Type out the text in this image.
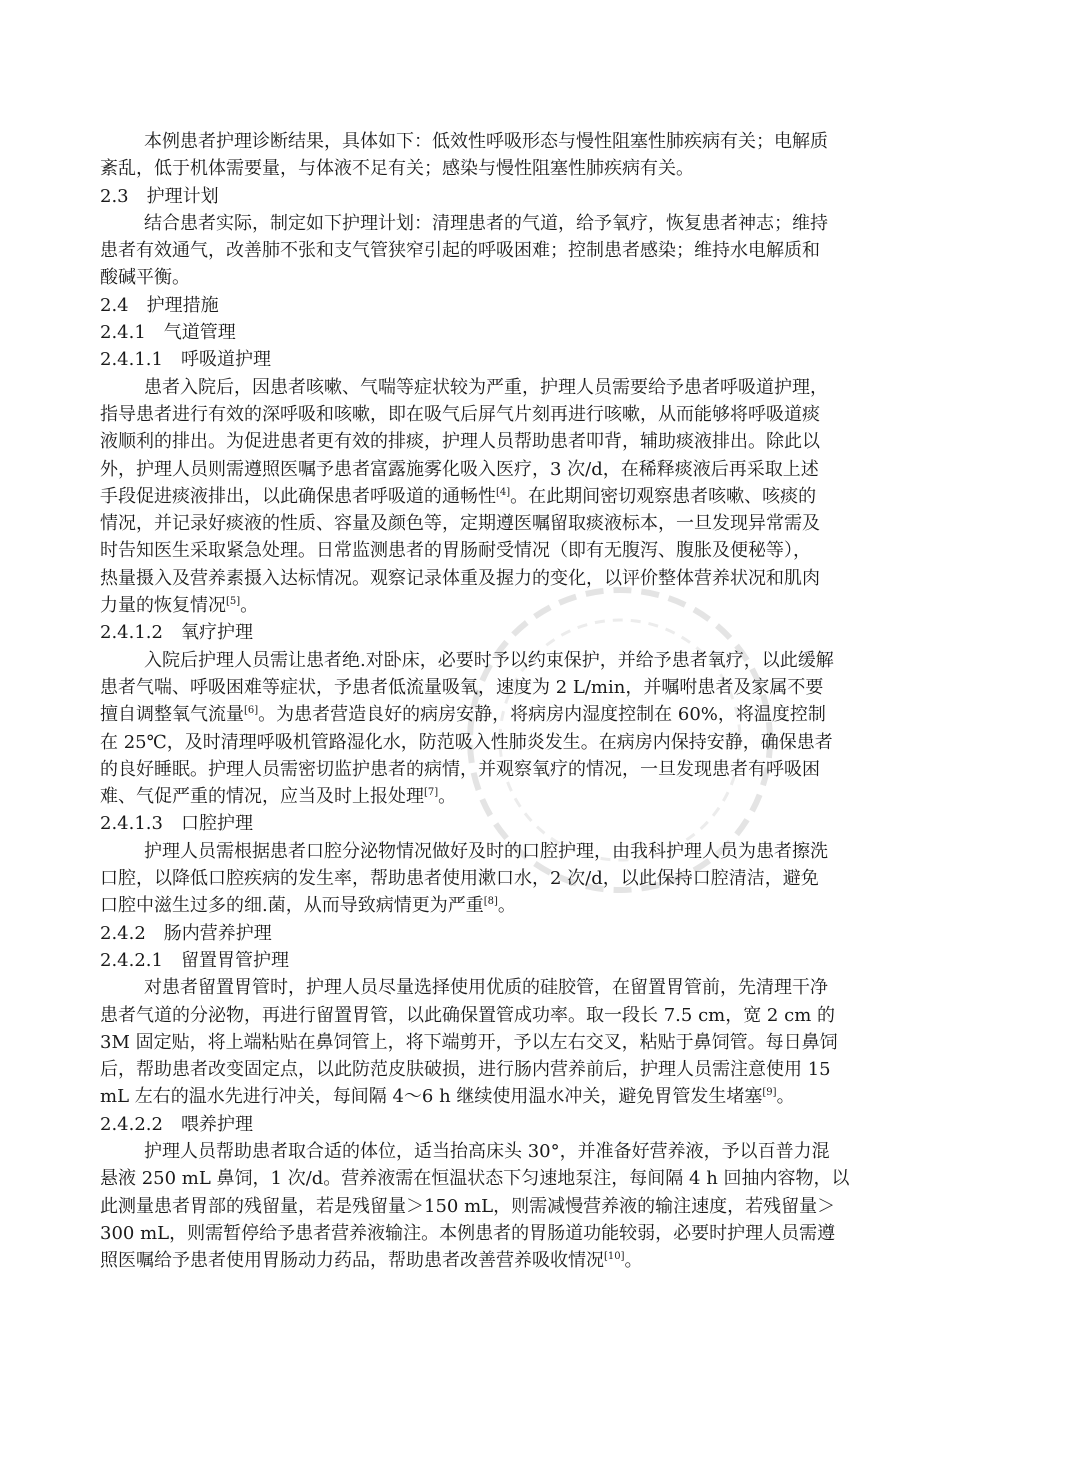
本例患者护理诊断结果，具体如下：低效性呼吸形态与慢性阻塞性肺疾病有关；电解质
紊乱，低于机体需要量，与体液不足有关；感染与慢性阻塞性肺疾病有关。
2.3　护理计划
结合患者实际，制定如下护理计划：清理患者的气道，给予氧疗，恢复患者神志；维持
患者有效通气，改善肺不张和支气管狭窄引起的呼吸困难；控制患者感染；维持水电解质和
酸碱平衡。
2.4　护理措施
2.4.1　气道管理
2.4.1.1　呼吸道护理
患者入院后，因患者咳嗽、气喘等症状较为严重，护理人员需要给予患者呼吸道护理，
指导患者进行有效的深呼吸和咳嗽，即在吸气后屏气片刻再进行咳嗽，从而能够将呼吸道痰
液顺利的排出。为促进患者更有效的排痰，护理人员帮助患者叩背，辅助痰液排出。除此以
外，护理人员则需遵照医嘱予患者富露施雾化吸入医疗，3 次/d，在稀释痰液后再采取上述
手段促进痰液排出，以此确保患者呼吸道的通畅性[4]。在此期间密切观察患者咳嗽、咳痰的
情况，并记录好痰液的性质、容量及颜色等，定期遵医嘱留取痰液标本，一旦发现异常需及
时告知医生采取紧急处理。日常监测患者的胃肠耐受情况（即有无腹泻、腹胀及便秘等），
热量摄入及营养素摄入达标情况。观察记录体重及握力的变化，以评价整体营养状况和肌肉
力量的恢复情况[5]。
2.4.1.2　氧疗护理
入院后护理人员需让患者绝.对卧床，必要时予以约束保护，并给予患者氧疗，以此缓解
患者气喘、呼吸困难等症状，予患者低流量吸氧，速度为 2 L/min，并嘱咐患者及家属不要
擅自调整氧气流量[6]。为患者营造良好的病房安静，将病房内湿度控制在 60%，将温度控制
在 25℃，及时清理呼吸机管路湿化水，防范吸入性肺炎发生。在病房内保持安静，确保患者
的良好睡眠。护理人员需密切监护患者的病情，并观察氧疗的情况，一旦发现患者有呼吸困
难、气促严重的情况，应当及时上报处理[7]。
2.4.1.3　口腔护理
护理人员需根据患者口腔分泌物情况做好及时的口腔护理，由我科护理人员为患者擦洗
口腔，以降低口腔疾病的发生率，帮助患者使用漱口水，2 次/d，以此保持口腔清洁，避免
口腔中滋生过多的细.菌，从而导致病情更为严重[8]。
2.4.2　肠内营养护理
2.4.2.1　留置胃管护理
对患者留置胃管时，护理人员尽量选择使用优质的硅胶管，在留置胃管前，先清理干净
患者气道的分泌物，再进行留置胃管，以此确保置管成功率。取一段长 7.5 cm，宽 2 cm 的
3M 固定贴，将上端粘贴在鼻饲管上，将下端剪开，予以左右交叉，粘贴于鼻饲管。每日鼻饲
后，帮助患者改变固定点，以此防范皮肤破损，进行肠内营养前后，护理人员需注意使用 15
mL 左右的温水先进行冲关，每间隔 4～6 h 继续使用温水冲关，避免胃管发生堵塞[9]。
2.4.2.2　喂养护理
护理人员帮助患者取合适的体位，适当抬高床头 30°，并准备好营养液，予以百普力混
悬液 250 mL 鼻饲，1 次/d。营养液需在恒温状态下匀速地泵注，每间隔 4 h 回抽内容物，以
此测量患者胃部的残留量，若是残留量＞150 mL，则需减慢营养液的输注速度，若残留量＞
300 mL，则需暂停给予患者营养液输注。本例患者的胃肠道功能较弱，必要时护理人员需遵
照医嘱给予患者使用胃肠动力药品，帮助患者改善营养吸收情况[10]。
